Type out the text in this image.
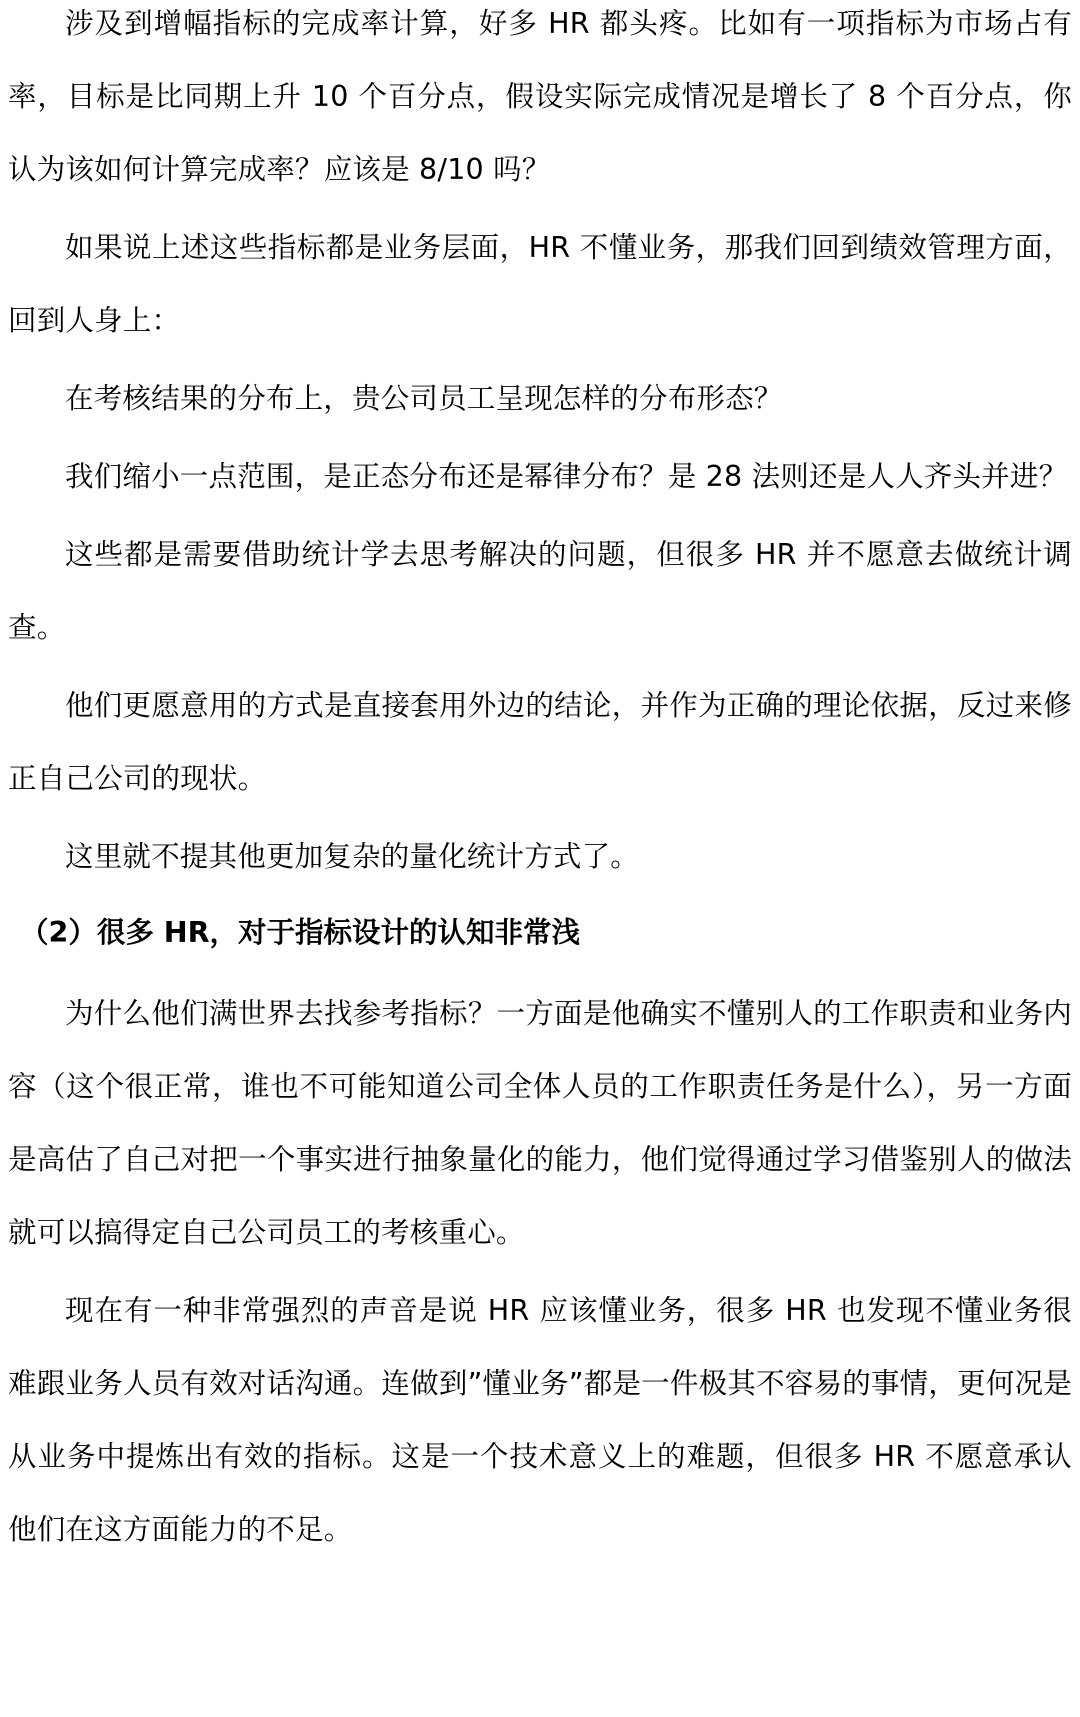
涉及到增幅指标的完成率计算，好多 HR 都头疼。比如有一项指标为市场占有率，目标是比同期上升 10 个百分点，假设实际完成情况是增长了 8 个百分点，你认为该如何计算完成率？应该是 8/10 吗？

如果说上述这些指标都是业务层面，HR 不懂业务，那我们回到绩效管理方面，回到人身上：

在考核结果的分布上，贵公司员工呈现怎样的分布形态？

我们缩小一点范围，是正态分布还是幂律分布？是 28 法则还是人人齐头并进？

这些都是需要借助统计学去思考解决的问题，但很多 HR 并不愿意去做统计调查。

他们更愿意用的方式是直接套用外边的结论，并作为正确的理论依据，反过来修正自己公司的现状。

这里就不提其他更加复杂的量化统计方式了。

（2）很多 HR，对于指标设计的认知非常浅

为什么他们满世界去找参考指标？一方面是他确实不懂别人的工作职责和业务内容（这个很正常，谁也不可能知道公司全体人员的工作职责任务是什么），另一方面是高估了自己对把一个事实进行抽象量化的能力，他们觉得通过学习借鉴别人的做法就可以搞得定自己公司员工的考核重心。

现在有一种非常强烈的声音是说 HR 应该懂业务，很多 HR 也发现不懂业务很难跟业务人员有效对话沟通。连做到”懂业务”都是一件极其不容易的事情，更何况是从业务中提炼出有效的指标。这是一个技术意义上的难题，但很多 HR 不愿意承认他们在这方面能力的不足。
